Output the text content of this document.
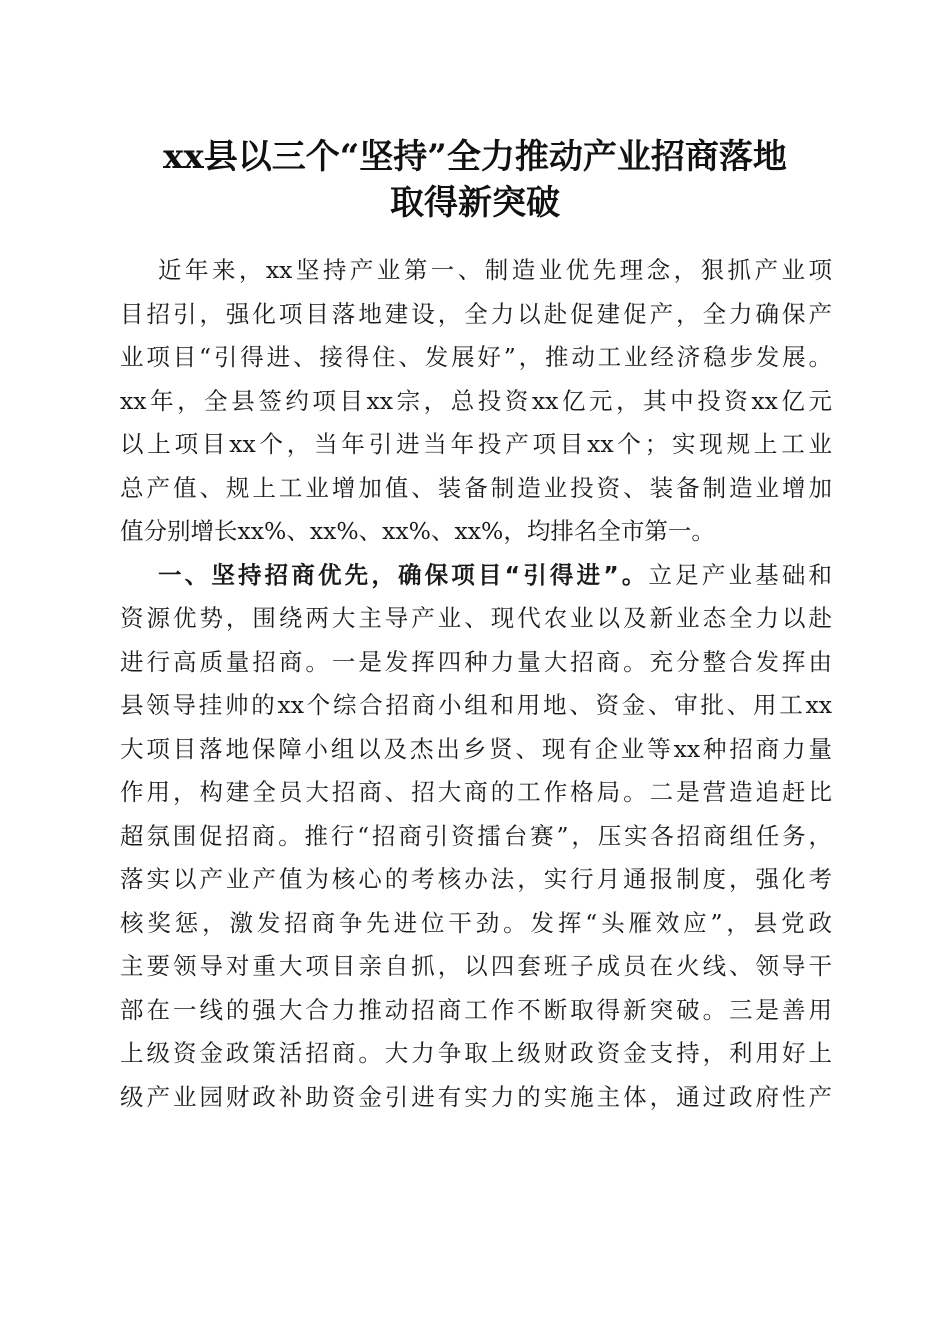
xx县以三个“坚持”全力推动产业招商落地
取得新突破
近年来，xx坚持产业第一、制造业优先理念，狠抓产业项
目招引，强化项目落地建设，全力以赴促建促产，全力确保产
业项目“引得进、接得住、发展好”，推动工业经济稳步发展。
xx年，全县签约项目xx宗，总投资xx亿元，其中投资xx亿元
以上项目xx个，当年引进当年投产项目xx个；实现规上工业
总产值、规上工业增加值、装备制造业投资、装备制造业增加
值分别增长xx%、xx%、xx%、xx%，均排名全市第一。
一、坚持招商优先，确保项目“引得进”。立足产业基础和
资源优势，围绕两大主导产业、现代农业以及新业态全力以赴
进行高质量招商。一是发挥四种力量大招商。充分整合发挥由
县领导挂帅的xx个综合招商小组和用地、资金、审批、用工xx
大项目落地保障小组以及杰出乡贤、现有企业等xx种招商力量
作用，构建全员大招商、招大商的工作格局。二是营造追赶比
超氛围促招商。推行“招商引资擂台赛”，压实各招商组任务，
落实以产业产值为核心的考核办法，实行月通报制度，强化考
核奖惩，激发招商争先进位干劲。发挥“头雁效应”，县党政
主要领导对重大项目亲自抓，以四套班子成员在火线、领导干
部在一线的强大合力推动招商工作不断取得新突破。三是善用
上级资金政策活招商。大力争取上级财政资金支持，利用好上
级产业园财政补助资金引进有实力的实施主体，通过政府性产
